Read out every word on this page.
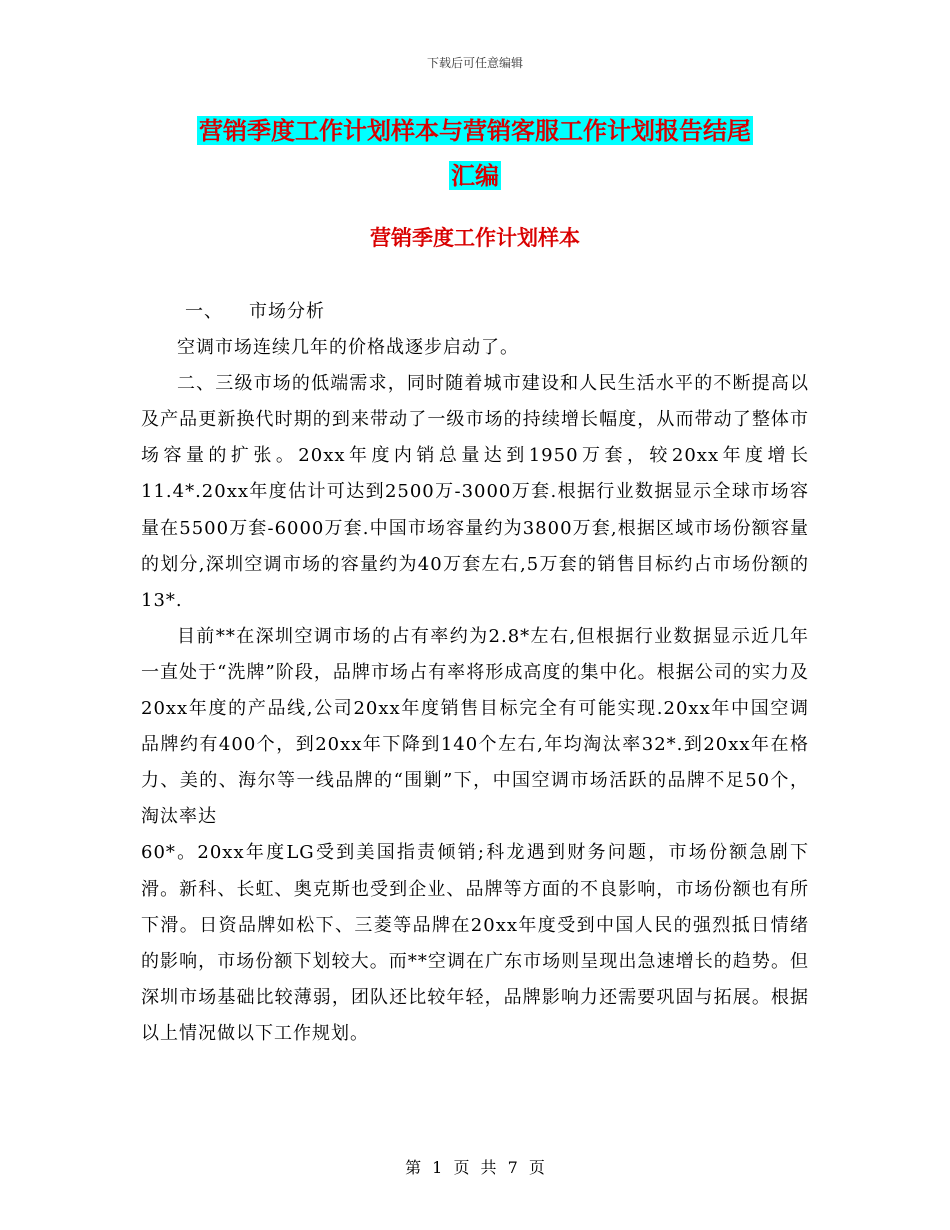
下载后可任意编辑
营销季度工作计划样本与营销客服工作计划报告结尾
汇编
营销季度工作计划样本
一、 市场分析

空调市场连续几年的价格战逐步启动了。

二、三级市场的低端需求，同时随着城市建设和人民生活水平的不断提高以及产品更新换代时期的到来带动了一级市场的持续增长幅度，从而带动了整体市场容量的扩张。20xx年度内销总量达到1950万套，较20xx年度增长11.4*.20xx年度估计可达到2500万-3000万套.根据行业数据显示全球市场容量在5500万套-6000万套.中国市场容量约为3800万套,根据区域市场份额容量的划分,深圳空调市场的容量约为40万套左右,5万套的销售目标约占市场份额的13*.

目前**在深圳空调市场的占有率约为2.8*左右,但根据行业数据显示近几年一直处于“洗牌”阶段，品牌市场占有率将形成高度的集中化。根据公司的实力及20xx年度的产品线,公司20xx年度销售目标完全有可能实现.20xx年中国空调品牌约有400个，到20xx年下降到140个左右,年均淘汰率32*.到20xx年在格力、美的、海尔等一线品牌的“围剿”下，中国空调市场活跃的品牌不足50个，淘汰率达

60*。20xx年度LG受到美国指责倾销;科龙遇到财务问题，市场份额急剧下滑。新科、长虹、奥克斯也受到企业、品牌等方面的不良影响，市场份额也有所下滑。日资品牌如松下、三菱等品牌在20xx年度受到中国人民的强烈抵日情绪的影响，市场份额下划较大。而**空调在广东市场则呈现出急速增长的趋势。但深圳市场基础比较薄弱，团队还比较年轻，品牌影响力还需要巩固与拓展。根据以上情况做以下工作规划。

第 1 页 共 7 页
